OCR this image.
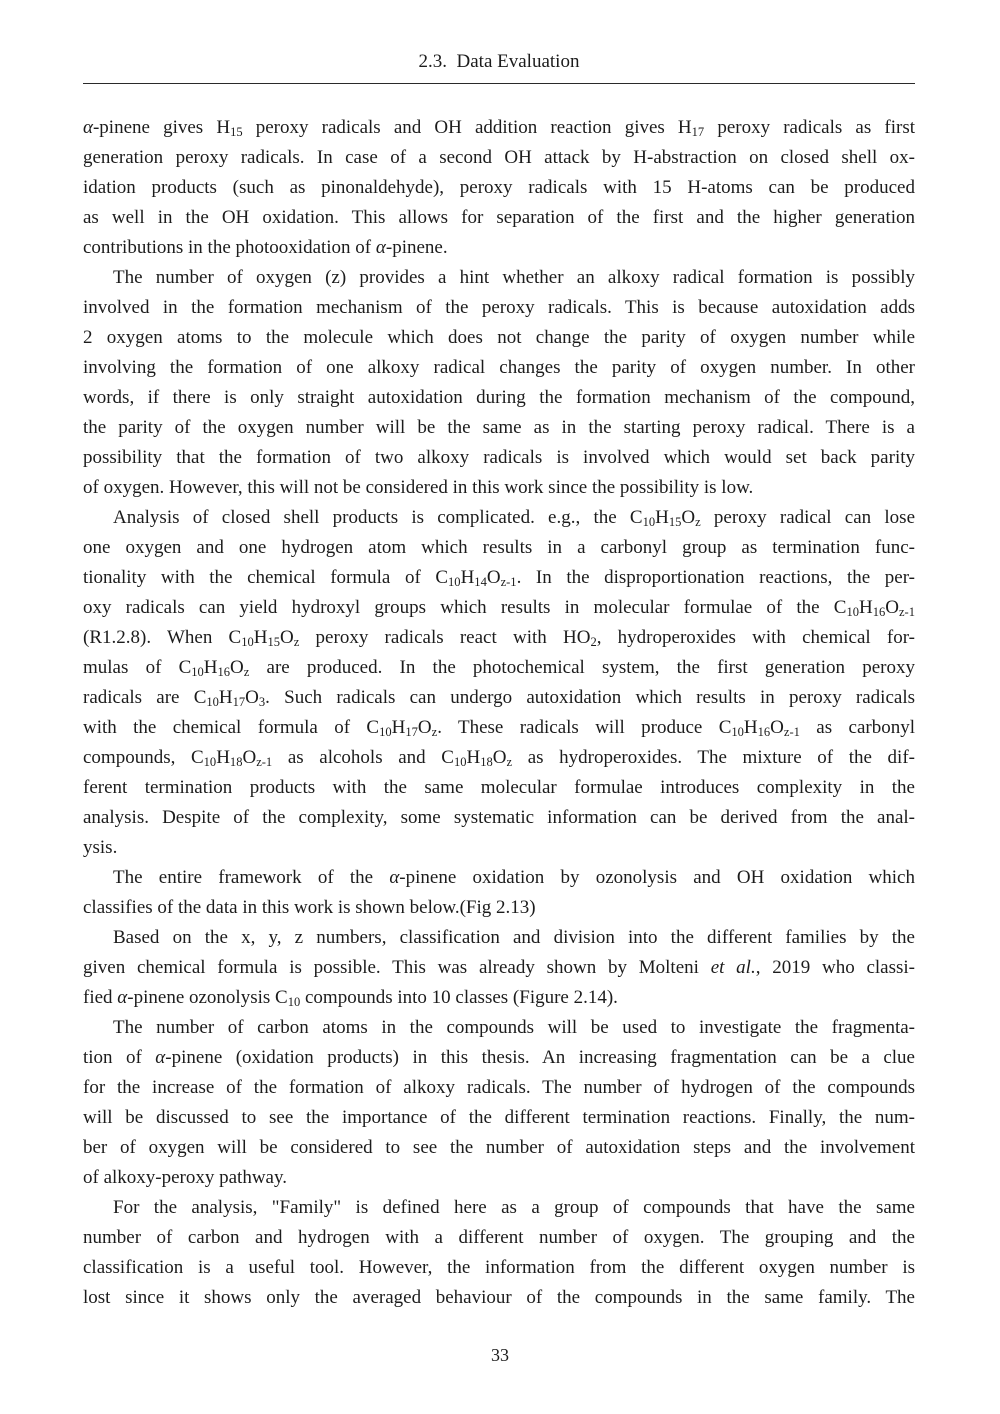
2.3.  Data Evaluation
α-pinene gives $H_{15}$ peroxy radicals and OH addition reaction gives $H_{17}$ peroxy radicals as first
generation peroxy radicals. In case of a second OH attack by H-abstraction on closed shell ox-
idation products (such as pinonaldehyde), peroxy radicals with 15 H-atoms can be produced
as well in the OH oxidation. This allows for separation of the first and the higher generation
contributions in the photooxidation of α-pinene.
The number of oxygen (z) provides a hint whether an alkoxy radical formation is possibly
involved in the formation mechanism of the peroxy radicals. This is because autoxidation adds
2 oxygen atoms to the molecule which does not change the parity of oxygen number while
involving the formation of one alkoxy radical changes the parity of oxygen number. In other
words, if there is only straight autoxidation during the formation mechanism of the compound,
the parity of the oxygen number will be the same as in the starting peroxy radical. There is a
possibility that the formation of two alkoxy radicals is involved which would set back parity
of oxygen. However, this will not be considered in this work since the possibility is low.
Analysis of closed shell products is complicated. e.g., the $C_{10}H_{15}O_z$ peroxy radical can lose
one oxygen and one hydrogen atom which results in a carbonyl group as termination func-
tionality with the chemical formula of $C_{10}H_{14}O_{z-1}$. In the disproportionation reactions, the per-
oxy radicals can yield hydroxyl groups which results in molecular formulae of the $C_{10}H_{16}O_{z-1}$
(R1.2.8). When $C_{10}H_{15}O_z$ peroxy radicals react with $HO_2$, hydroperoxides with chemical for-
mulas of $C_{10}H_{16}O_z$ are produced. In the photochemical system, the first generation peroxy
radicals are $C_{10}H_{17}O_3$. Such radicals can undergo autoxidation which results in peroxy radicals
with the chemical formula of $C_{10}H_{17}O_z$. These radicals will produce $C_{10}H_{16}O_{z-1}$ as carbonyl
compounds, $C_{10}H_{18}O_{z-1}$ as alcohols and $C_{10}H_{18}O_z$ as hydroperoxides. The mixture of the dif-
ferent termination products with the same molecular formulae introduces complexity in the
analysis. Despite of the complexity, some systematic information can be derived from the anal-
ysis.
The entire framework of the α-pinene oxidation by ozonolysis and OH oxidation which
classifies of the data in this work is shown below.(Fig 2.13)
Based on the x, y, z numbers, classification and division into the different families by the
given chemical formula is possible. This was already shown by Molteni et al., 2019 who classi-
fied α-pinene ozonolysis $C_{10}$ compounds into 10 classes (Figure 2.14).
The number of carbon atoms in the compounds will be used to investigate the fragmenta-
tion of α-pinene (oxidation products) in this thesis. An increasing fragmentation can be a clue
for the increase of the formation of alkoxy radicals. The number of hydrogen of the compounds
will be discussed to see the importance of the different termination reactions. Finally, the num-
ber of oxygen will be considered to see the number of autoxidation steps and the involvement
of alkoxy-peroxy pathway.
For the analysis, "Family" is defined here as a group of compounds that have the same
number of carbon and hydrogen with a different number of oxygen. The grouping and the
classification is a useful tool. However, the information from the different oxygen number is
lost since it shows only the averaged behaviour of the compounds in the same family. The
33
